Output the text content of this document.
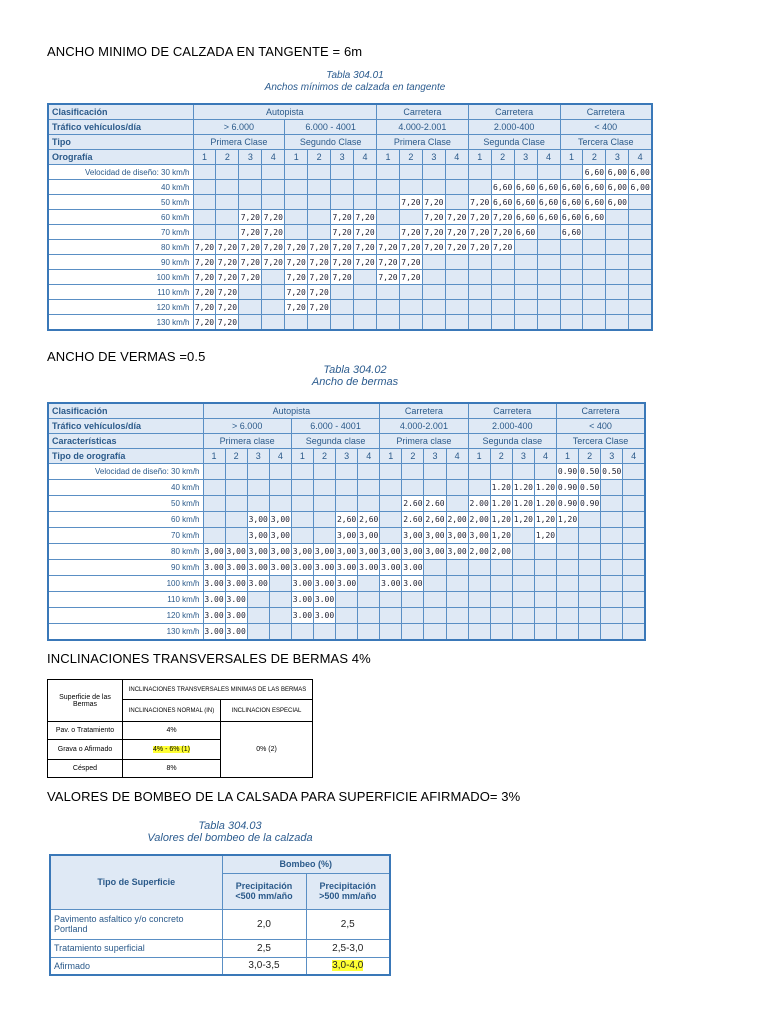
ANCHO MINIMO DE CALZADA EN TANGENTE = 6m
Tabla 304.01
Anchos mínimos de calzada en tangente
Clasificación	Autopista								Carretera				Carretera				Carretera			
Tráfico vehículos/día	> 6.000				6.000 - 4001				4.000-2.001				2.000-400				< 400			
Tipo	Primera Clase				Segundo Clase				Primera Clase				Segunda Clase				Tercera Clase			
Orografía	1	2	3	4	1	2	3	4	1	2	3	4	1	2	3	4	1	2	3	4
Velocidad de diseño: 30 km/h																		6,60	6,00	6,00
40 km/h														6,60	6,60	6,60	6,60	6,60	6,00	6,00
50 km/h										7,20	7,20		7,20	6,60	6,60	6,60	6,60	6,60	6,00	
60 km/h			7,20	7,20			7,20	7,20			7,20	7,20	7,20	7,20	6,60	6,60	6,60	6,60		
70 km/h			7,20	7,20			7,20	7,20		7,20	7,20	7,20	7,20	7,20	6,60		6,60			
80 km/h	7,20	7,20	7,20	7,20	7,20	7,20	7,20	7,20	7,20	7,20	7,20	7,20	7,20	7,20						
90 km/h	7,20	7,20	7,20	7,20	7,20	7,20	7,20	7,20	7,20	7,20										
100 km/h	7,20	7,20	7,20		7,20	7,20	7,20		7,20	7,20										
110 km/h	7,20	7,20			7,20	7,20														
120 km/h	7,20	7,20			7,20	7,20														
130 km/h	7,20	7,20																		
ANCHO DE VERMAS =0.5
Tabla 304.02
Ancho de bermas
Clasificación	Autopista								Carretera				Carretera				Carretera			
Tráfico vehículos/día	> 6.000				6.000 - 4001				4.000-2.001				2.000-400				< 400			
Características	Primera clase				Segunda clase				Primera clase				Segunda clase				Tercera Clase			
Tipo de orografía	1	2	3	4	1	2	3	4	1	2	3	4	1	2	3	4	1	2	3	4
Velocidad de diseño: 30 km/h																	0.90	0.50	0.50	
40 km/h														1.20	1.20	1.20	0.90	0.50		
50 km/h										2.60	2.60		2.00	1.20	1.20	1.20	0.90	0.90		
60 km/h			3,00	3,00			2,60	2,60		2.60	2,60	2,00	2,00	1,20	1,20	1,20	1,20			
70 km/h			3,00	3,00			3,00	3,00		3,00	3,00	3,00	3,00	1,20		1,20				
80 km/h	3,00	3,00	3,00	3,00	3,00	3,00	3,00	3,00	3,00	3,00	3,00	3,00	2,00	2,00						
90 km/h	3.00	3.00	3.00	3.00	3.00	3.00	3.00	3.00	3.00	3.00										
100 km/h	3.00	3.00	3.00		3.00	3.00	3.00		3.00	3.00										
110 km/h	3.00	3.00			3.00	3.00														
120 km/h	3.00	3.00			3.00	3.00														
130 km/h	3.00	3.00																		
INCLINACIONES TRANSVERSALES DE BERMAS 4%
Superficie de las Bermas	INCLINACIONES TRANSVERSALES MINIMAS DE LAS BERMAS	
	INCLINACIONES NORMAL (IN)	INCLINACION ESPECIAL
Pav. o Tratamiento	4%	0% (2)
Grava o Afirmado	4% - 6% (1)	
Césped	8%	
VALORES DE BOMBEO DE LA CALSADA PARA SUPERFICIE AFIRMADO= 3%
Tabla 304.03
Valores del bombeo de la calzada
Tipo de Superficie	Bombeo (%)	
	Precipitación <500 mm/año	Precipitación >500 mm/año
Pavimento asfaltico y/o concreto Portland	2,0	2,5
Tratamiento superficial	2,5	2,5-3,0
Afirmado	3,0-3,5	3,0-4,0
